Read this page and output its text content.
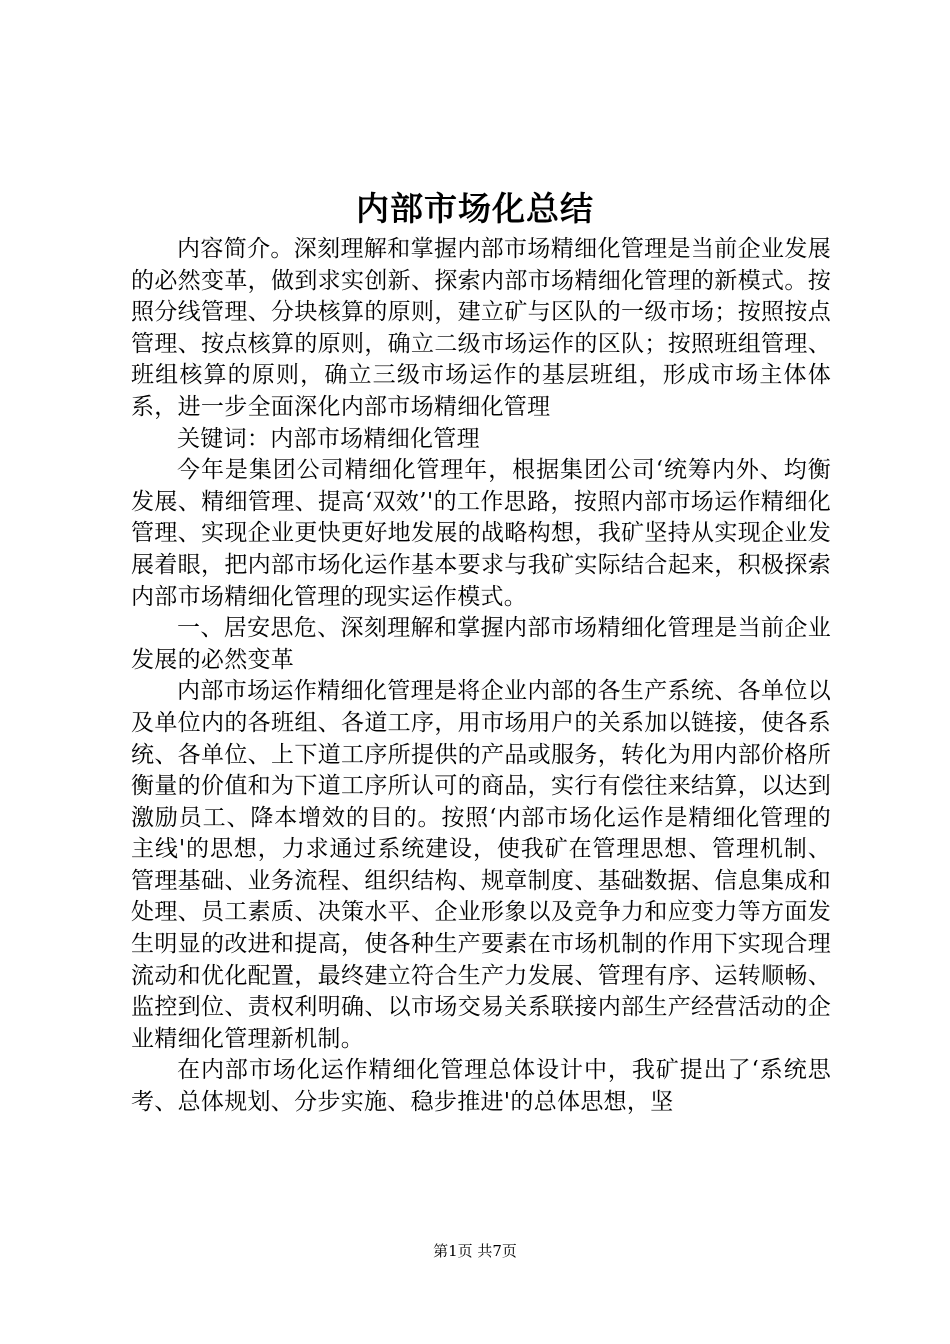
内部市场化总结

内容简介。深刻理解和掌握内部市场精细化管理是当前企业发展的必然变革，做到求实创新、探索内部市场精细化管理的新模式。按照分线管理、分块核算的原则，建立矿与区队的一级市场；按照按点管理、按点核算的原则，确立二级市场运作的区队；按照班组管理、班组核算的原则，确立三级市场运作的基层班组，形成市场主体体系，进一步全面深化内部市场精细化管理

关键词：内部市场精细化管理

今年是集团公司精细化管理年，根据集团公司‘统筹内外、均衡发展、精细管理、提高‘双效’'的工作思路，按照内部市场运作精细化管理、实现企业更快更好地发展的战略构想，我矿坚持从实现企业发展着眼，把内部市场化运作基本要求与我矿实际结合起来，积极探索内部市场精细化管理的现实运作模式。

一、居安思危、深刻理解和掌握内部市场精细化管理是当前企业发展的必然变革

内部市场运作精细化管理是将企业内部的各生产系统、各单位以及单位内的各班组、各道工序，用市场用户的关系加以链接，使各系统、各单位、上下道工序所提供的产品或服务，转化为用内部价格所衡量的价值和为下道工序所认可的商品，实行有偿往来结算，以达到激励员工、降本增效的目的。按照‘内部市场化运作是精细化管理的主线'的思想，力求通过系统建设，使我矿在管理思想、管理机制、管理基础、业务流程、组织结构、规章制度、基础数据、信息集成和处理、员工素质、决策水平、企业形象以及竞争力和应变力等方面发生明显的改进和提高，使各种生产要素在市场机制的作用下实现合理流动和优化配置，最终建立符合生产力发展、管理有序、运转顺畅、监控到位、责权利明确、以市场交易关系联接内部生产经营活动的企业精细化管理新机制。

在内部市场化运作精细化管理总体设计中，我矿提出了‘系统思考、总体规划、分步实施、稳步推进'的总体思想，坚

第1页 共7页
